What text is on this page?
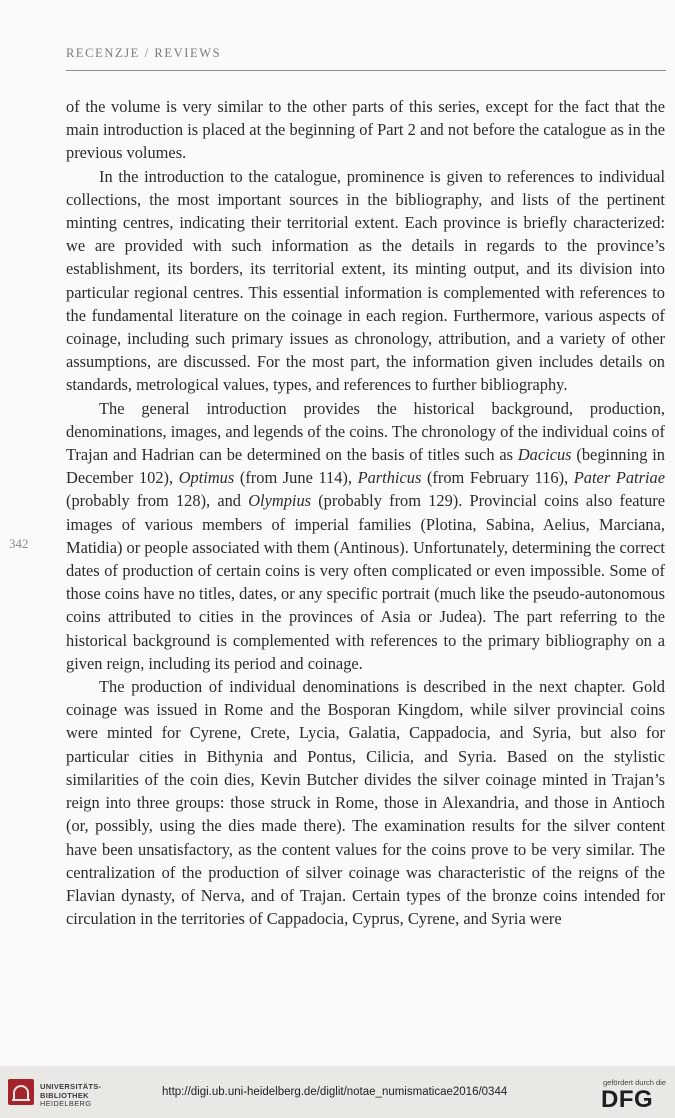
RECENZJE / REVIEWS
342

of the volume is very similar to the other parts of this series, except for the fact that the main introduction is placed at the beginning of Part 2 and not before the catalogue as in the previous volumes.

In the introduction to the catalogue, prominence is given to references to individual collections, the most important sources in the bibliography, and lists of the pertinent minting centres, indicating their territorial extent. Each province is briefly characterized: we are provided with such information as the details in regards to the province’s establishment, its borders, its territorial extent, its minting output, and its division into particular regional centres. This essential information is complemented with references to the fundamental literature on the coinage in each region. Furthermore, various aspects of coinage, including such primary issues as chronology, attribution, and a variety of other assumptions, are discussed. For the most part, the information given includes details on standards, metrological values, types, and references to further bibliography.

The general introduction provides the historical background, production, denominations, images, and legends of the coins. The chronology of the individual coins of Trajan and Hadrian can be determined on the basis of titles such as Dacicus (beginning in December 102), Optimus (from June 114), Parthicus (from February 116), Pater Patriae (probably from 128), and Olympius (probably from 129). Provincial coins also feature images of various members of imperial families (Plotina, Sabina, Aelius, Marciana, Matidia) or people associated with them (Antinous). Unfortunately, determining the correct dates of production of certain coins is very often complicated or even impossible. Some of those coins have no titles, dates, or any specific portrait (much like the pseudo-autonomous coins attributed to cities in the provinces of Asia or Judea). The part referring to the historical background is complemented with references to the primary bibliography on a given reign, including its period and coinage.

The production of individual denominations is described in the next chapter. Gold coinage was issued in Rome and the Bosporan Kingdom, while silver provincial coins were minted for Cyrene, Crete, Lycia, Galatia, Cappadocia, and Syria, but also for particular cities in Bithynia and Pontus, Cilicia, and Syria. Based on the stylistic similarities of the coin dies, Kevin Butcher divides the silver coinage minted in Trajan’s reign into three groups: those struck in Rome, those in Alexandria, and those in Antioch (or, possibly, using the dies made there). The examination results for the silver content have been unsatisfactory, as the content values for the coins prove to be very similar. The centralization of the production of silver coinage was characteristic of the reigns of the Flavian dynasty, of Nerva, and of Trajan. Certain types of the bronze coins intended for circulation in the territories of Cappadocia, Cyprus, Cyrene, and Syria were

UNIVERSITÄTS-
BIBLIOTHEK
HEIDELBERG
http://digi.ub.uni-heidelberg.de/diglit/notae_numismaticae2016/0344
gefördert durch die
DFG
